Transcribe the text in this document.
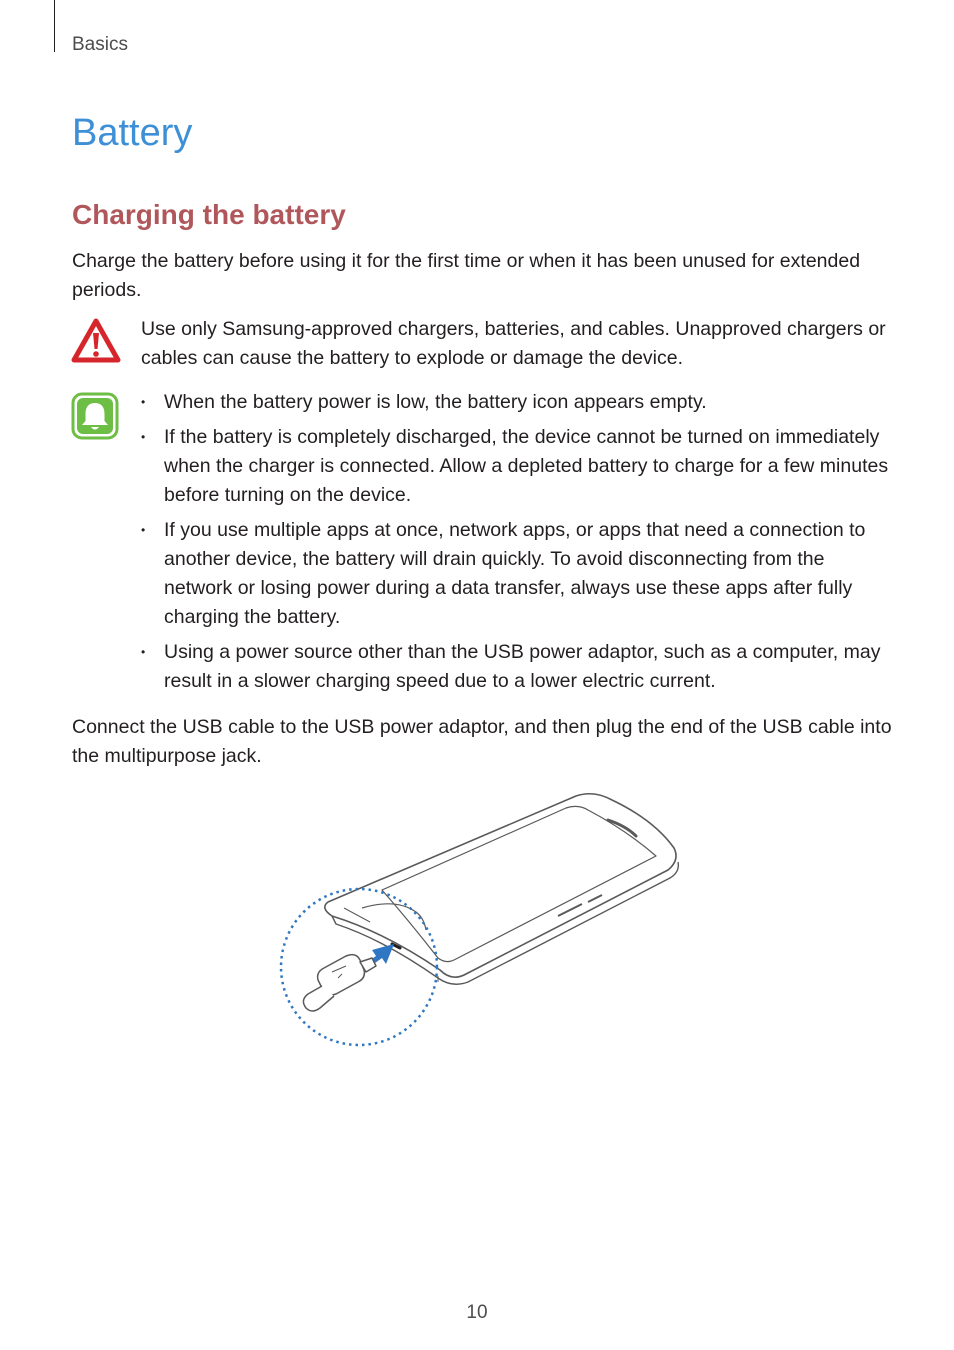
Basics
Battery
Charging the battery

Charge the battery before using it for the first time or when it has been unused for extended periods.

Use only Samsung-approved chargers, batteries, and cables. Unapproved chargers or cables can cause the battery to explode or damage the device.

• When the battery power is low, the battery icon appears empty.
• If the battery is completely discharged, the device cannot be turned on immediately when the charger is connected. Allow a depleted battery to charge for a few minutes before turning on the device.
• If you use multiple apps at once, network apps, or apps that need a connection to another device, the battery will drain quickly. To avoid disconnecting from the network or losing power during a data transfer, always use these apps after fully charging the battery.
• Using a power source other than the USB power adaptor, such as a computer, may result in a slower charging speed due to a lower electric current.

Connect the USB cable to the USB power adaptor, and then plug the end of the USB cable into the multipurpose jack.

10
